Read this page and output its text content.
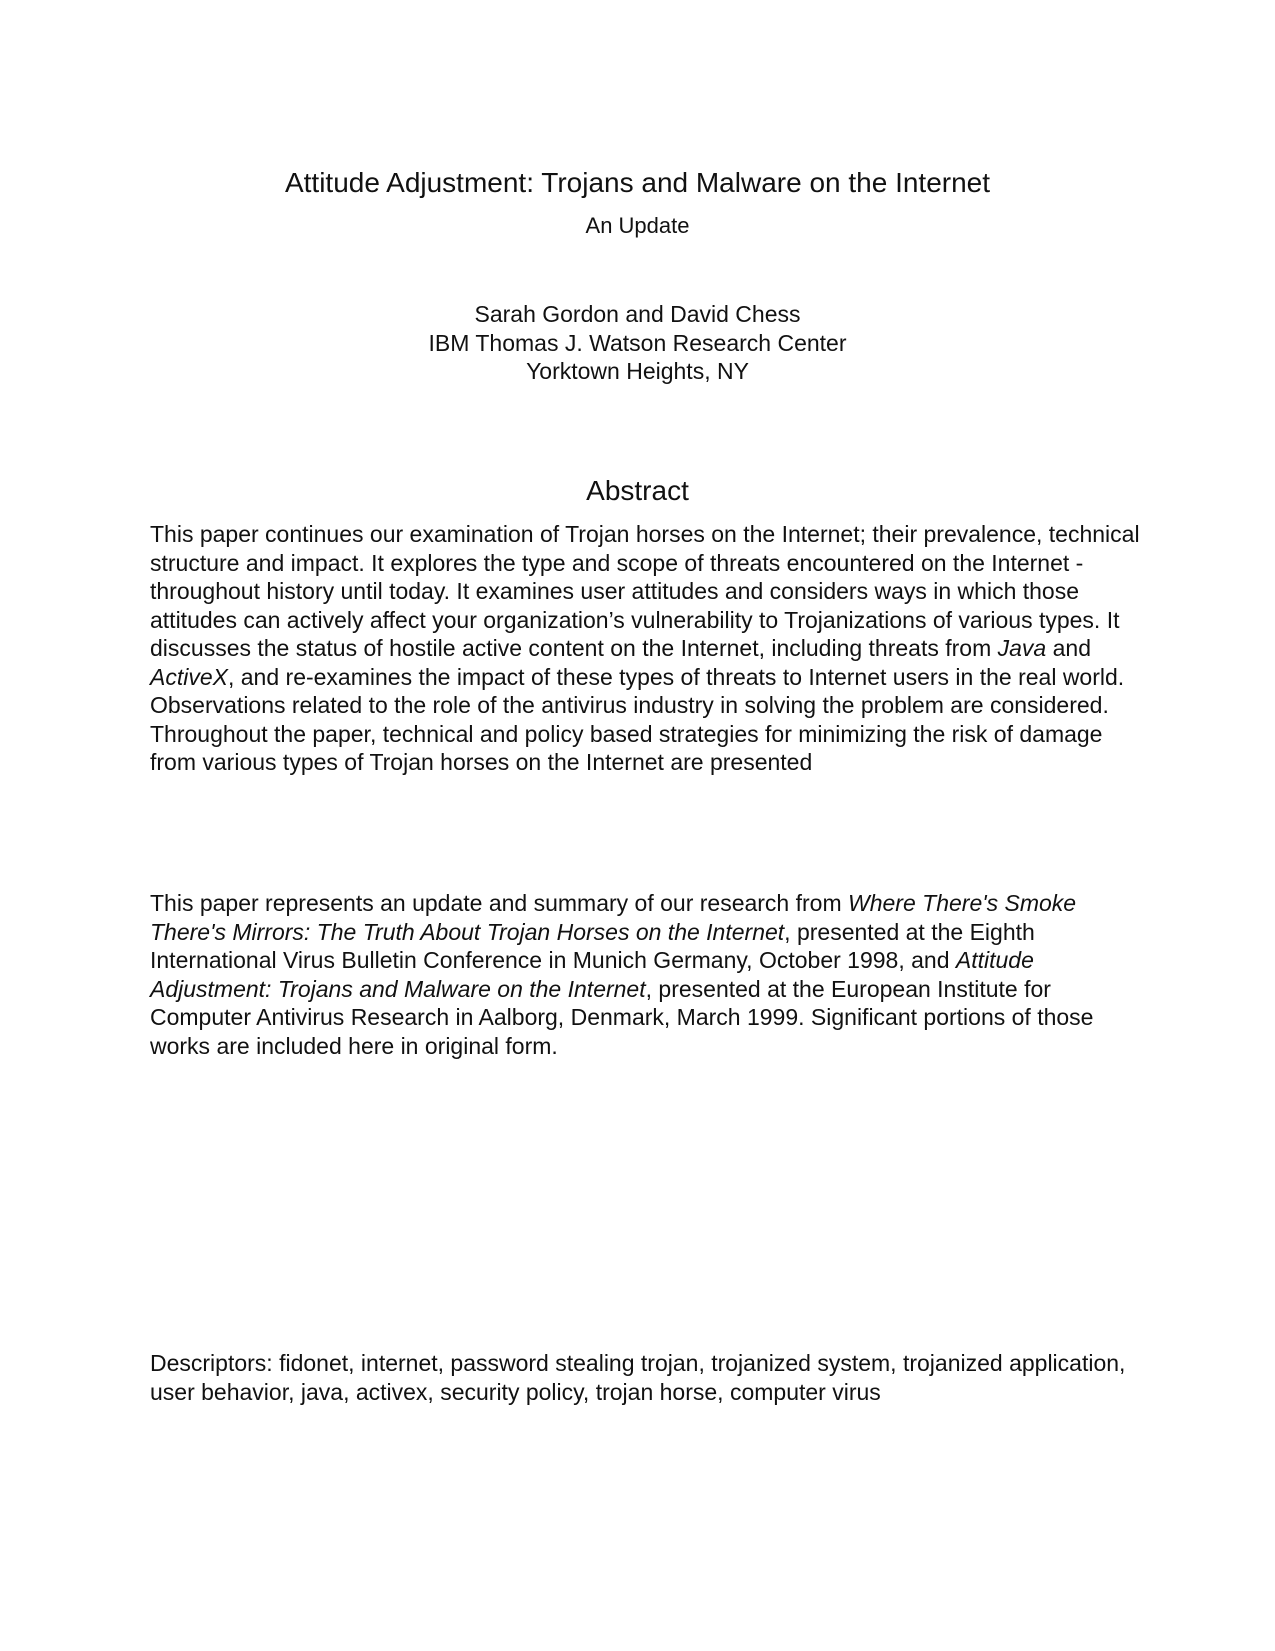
Attitude Adjustment: Trojans and Malware on the Internet
An Update
Sarah Gordon and David Chess
IBM Thomas J. Watson Research Center
Yorktown Heights, NY
Abstract

This paper continues our examination of Trojan horses on the Internet; their prevalence, technical structure and impact. It explores the type and scope of threats encountered on the Internet - throughout history until today. It examines user attitudes and considers ways in which those attitudes can actively affect your organization’s vulnerability to Trojanizations of various types. It discusses the status of hostile active content on the Internet, including threats from Java and ActiveX, and re-examines the impact of these types of threats to Internet users in the real world. Observations related to the role of the antivirus industry in solving the problem are considered. Throughout the paper, technical and policy based strategies for minimizing the risk of damage from various types of Trojan horses on the Internet are presented

This paper represents an update and summary of our research from Where There's Smoke There's Mirrors: The Truth About Trojan Horses on the Internet, presented at the Eighth International Virus Bulletin Conference in Munich Germany, October 1998, and Attitude Adjustment: Trojans and Malware on the Internet, presented at the European Institute for Computer Antivirus Research in Aalborg, Denmark, March 1999. Significant portions of those works are included here in original form.

Descriptors: fidonet, internet, password stealing trojan, trojanized system, trojanized application, user behavior, java, activex, security policy, trojan horse, computer virus
